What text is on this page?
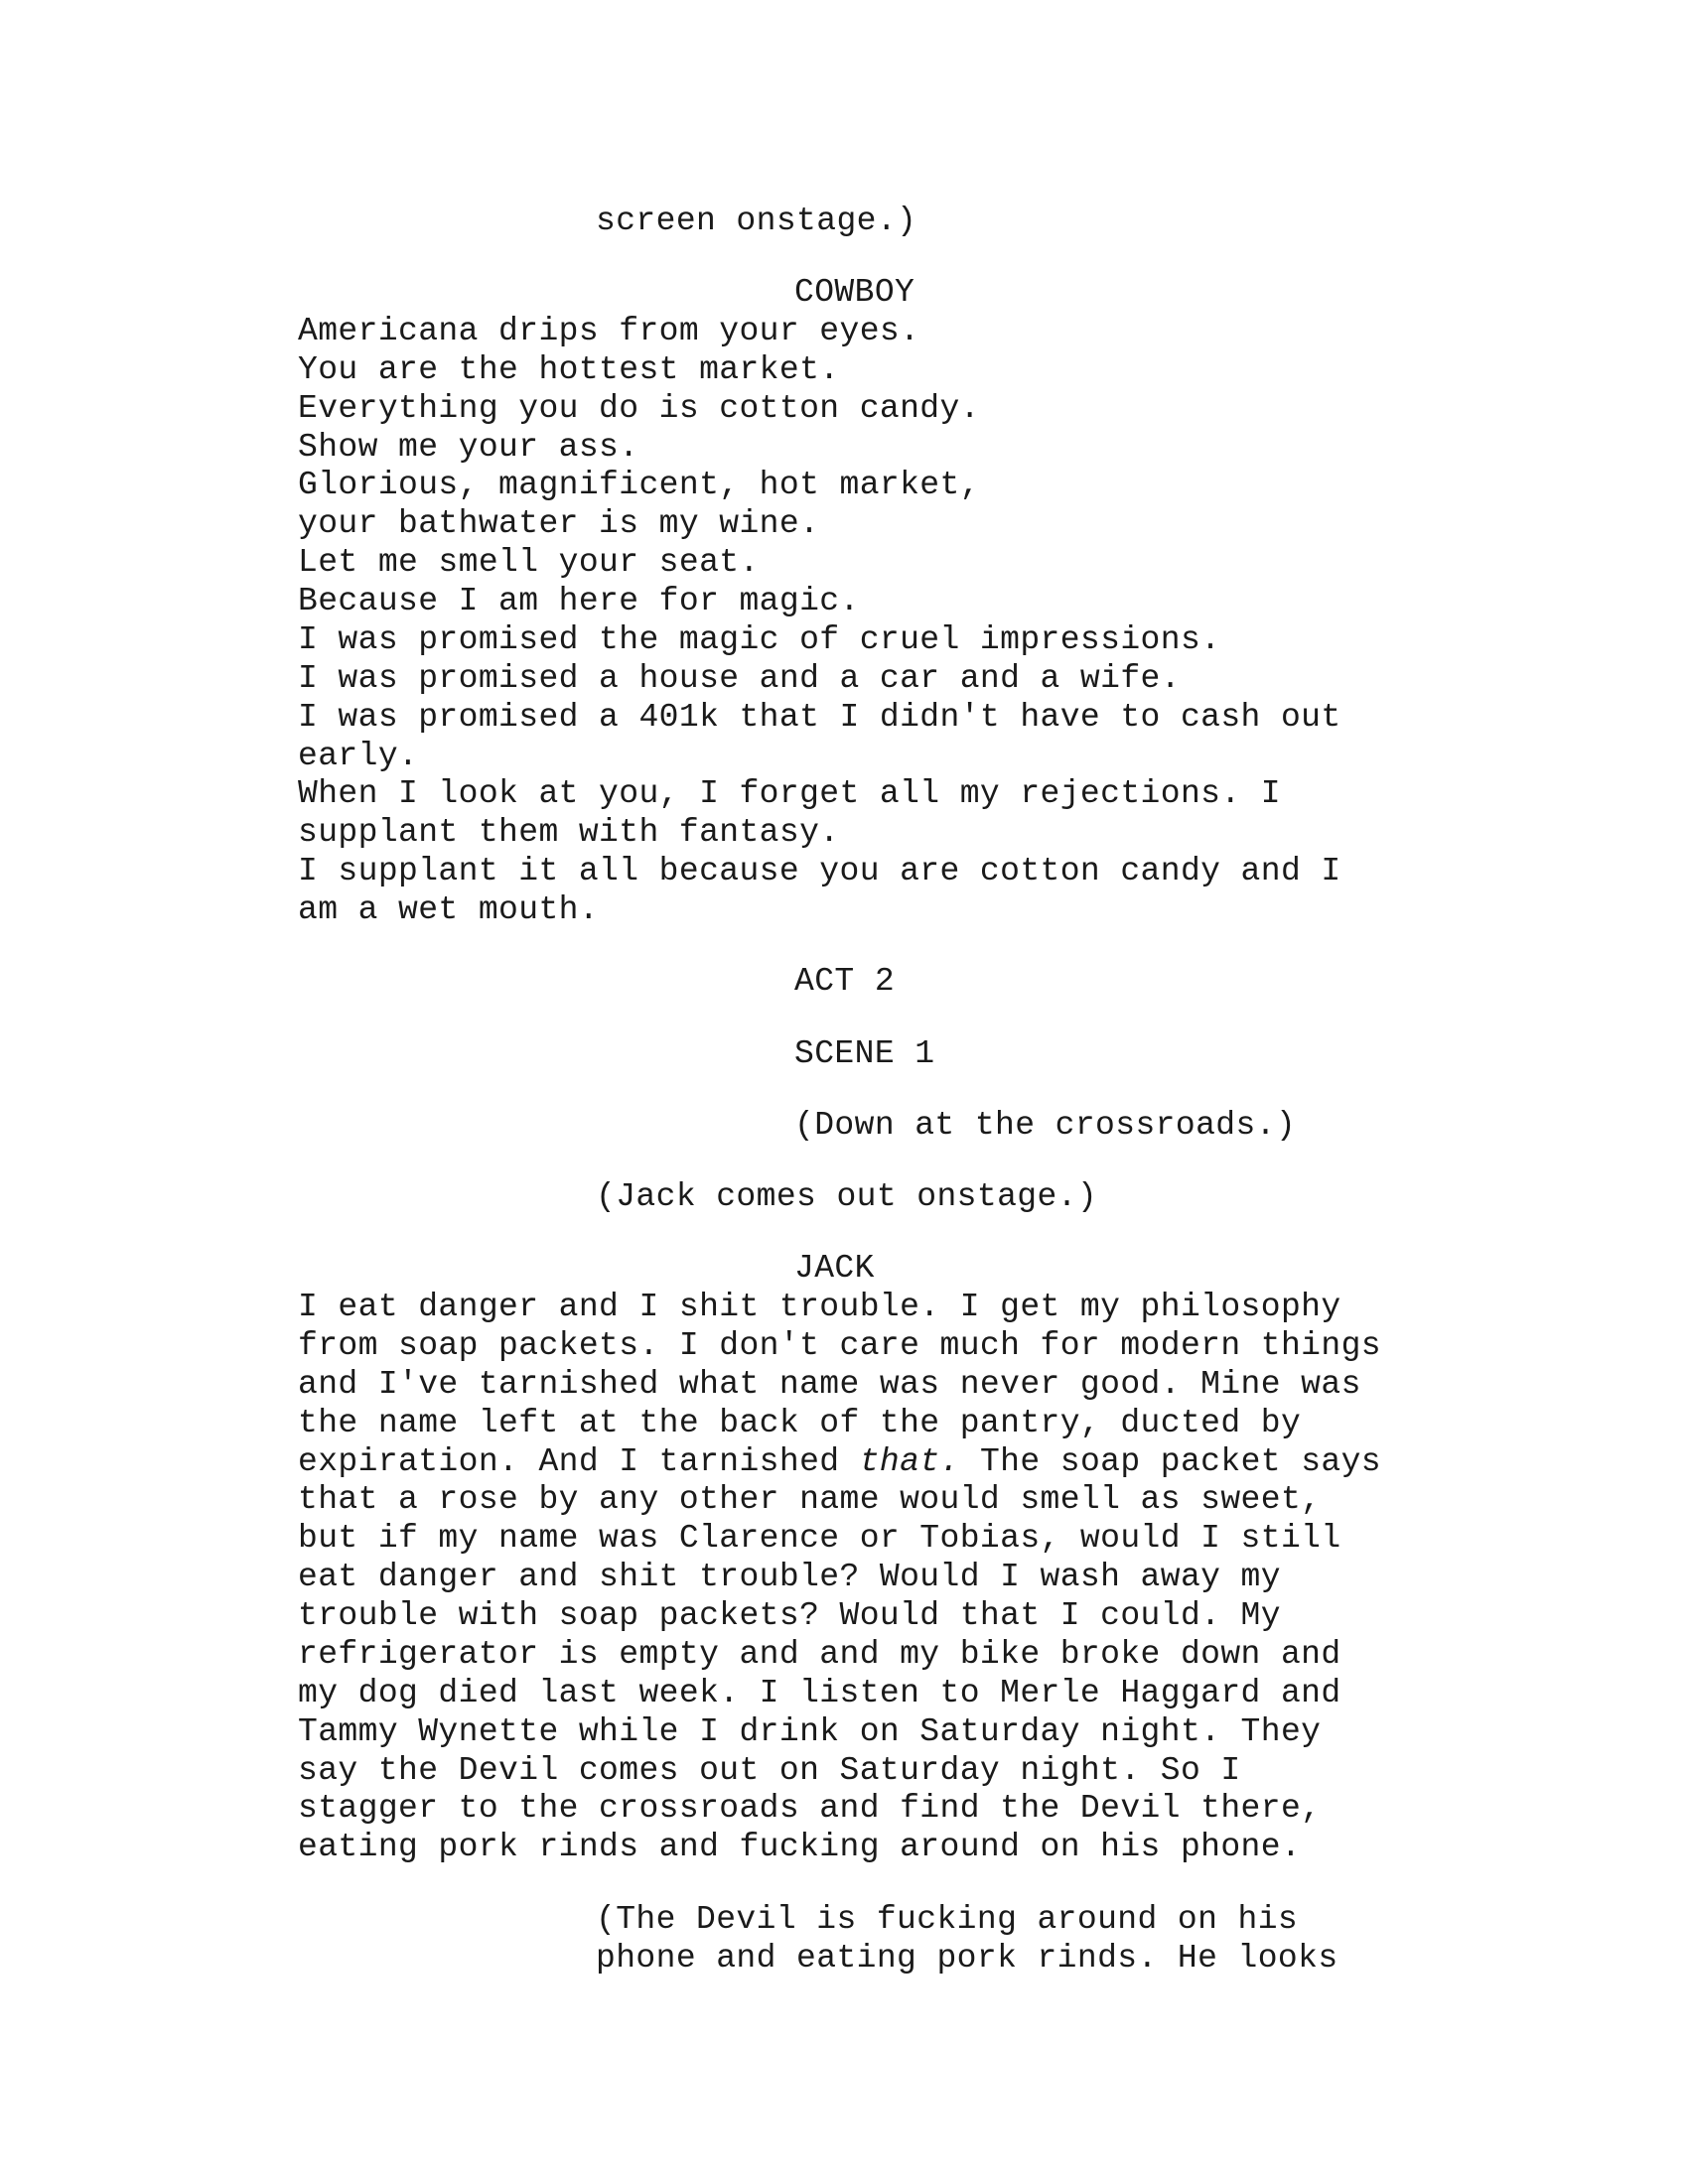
screen onstage.)
COWBOY
Americana drips from your eyes.
You are the hottest market.
Everything you do is cotton candy.
Show me your ass.
Glorious, magnificent, hot market,
your bathwater is my wine.
Let me smell your seat.
Because I am here for magic.
I was promised the magic of cruel impressions.
I was promised a house and a car and a wife.
I was promised a 401k that I didn't have to cash out
early.
When I look at you, I forget all my rejections. I
supplant them with fantasy.
I supplant it all because you are cotton candy and I
am a wet mouth.
ACT 2
SCENE 1
(Down at the crossroads.)
(Jack comes out onstage.)
JACK
I eat danger and I shit trouble. I get my philosophy
from soap packets. I don't care much for modern things
and I've tarnished what name was never good. Mine was
the name left at the back of the pantry, ducted by
expiration. And I tarnished that. The soap packet says
that a rose by any other name would smell as sweet,
but if my name was Clarence or Tobias, would I still
eat danger and shit trouble? Would I wash away my
trouble with soap packets? Would that I could. My
refrigerator is empty and and my bike broke down and
my dog died last week. I listen to Merle Haggard and
Tammy Wynette while I drink on Saturday night. They
say the Devil comes out on Saturday night. So I
stagger to the crossroads and find the Devil there,
eating pork rinds and fucking around on his phone.
(The Devil is fucking around on his
phone and eating pork rinds. He looks
